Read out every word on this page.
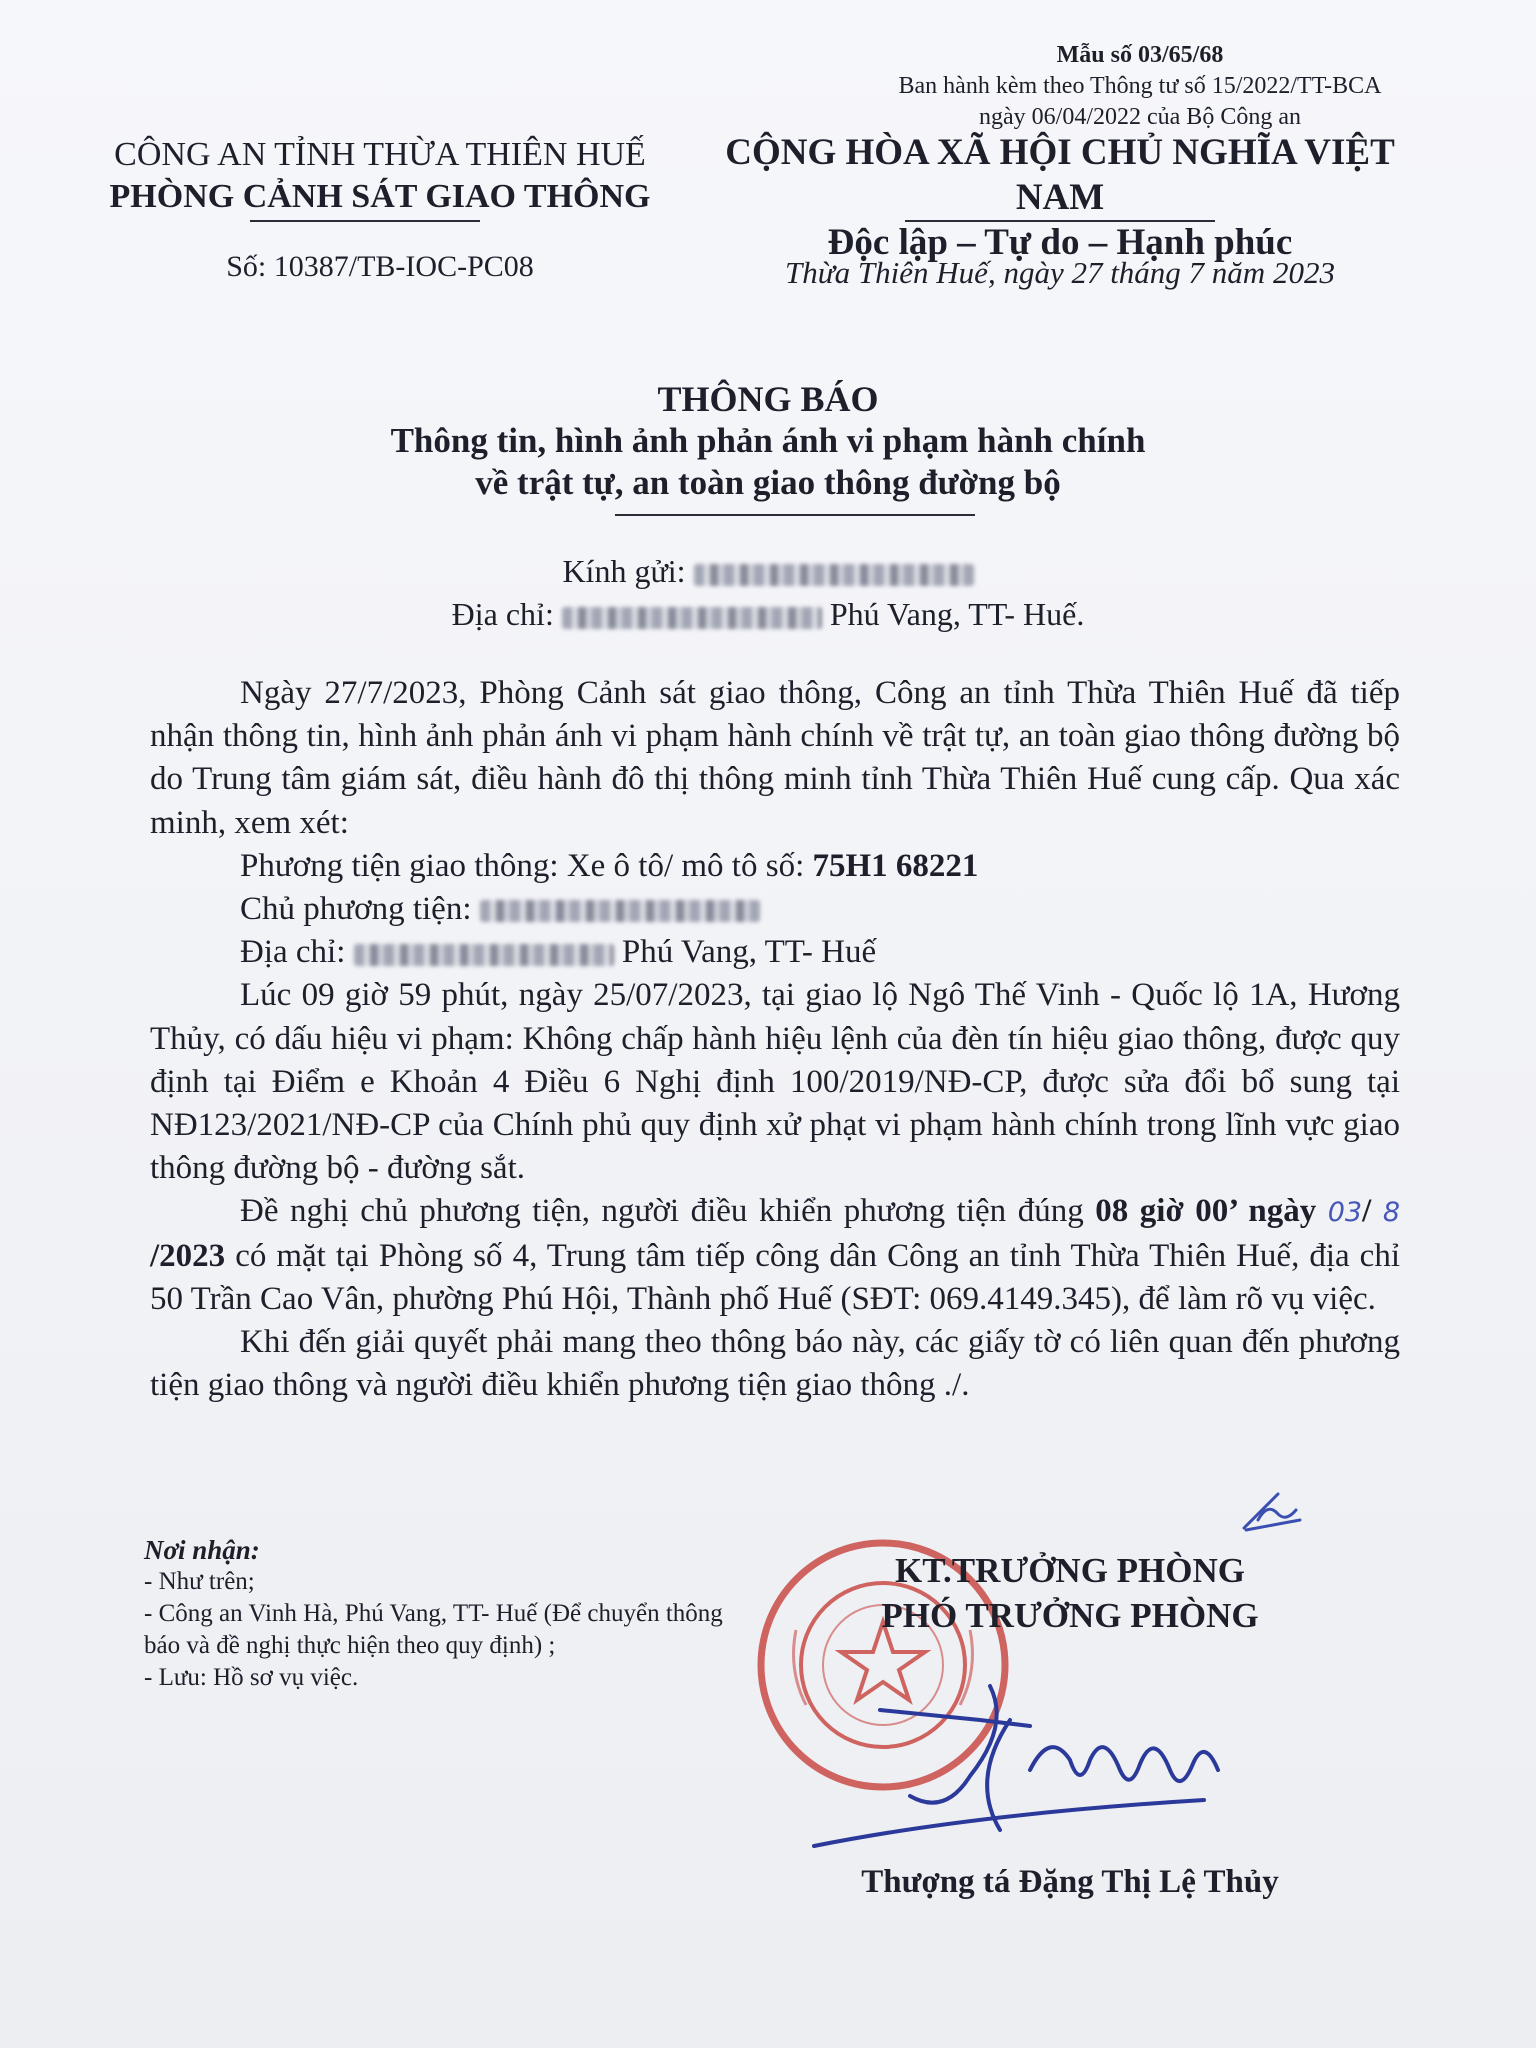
Mẫu số 03/65/68
Ban hành kèm theo Thông tư số 15/2022/TT-BCA
ngày 06/04/2022 của Bộ Công an
CÔNG AN TỈNH THỪA THIÊN HUẾ
PHÒNG CẢNH SÁT GIAO THÔNG
CỘNG HÒA XÃ HỘI CHỦ NGHĨA VIỆT NAM
Độc lập – Tự do – Hạnh phúc
Số: 10387/TB-IOC-PC08	Thừa Thiên Huế, ngày 27 tháng 7 năm 2023
THÔNG BÁO
Thông tin, hình ảnh phản ánh vi phạm hành chính
về trật tự, an toàn giao thông đường bộ
Kính gửi:
Địa chỉ:	Phú Vang, TT- Huế.

Ngày 27/7/2023, Phòng Cảnh sát giao thông, Công an tỉnh Thừa Thiên Huế đã tiếp nhận thông tin, hình ảnh phản ánh vi phạm hành chính về trật tự, an toàn giao thông đường bộ do Trung tâm giám sát, điều hành đô thị thông minh tỉnh Thừa Thiên Huế cung cấp. Qua xác minh, xem xét:

Phương tiện giao thông: Xe ô tô/ mô tô số: 75H1 68221

Chủ phương tiện:

Địa chỉ:	Phú Vang, TT- Huế

Lúc 09 giờ 59 phút, ngày 25/07/2023, tại giao lộ Ngô Thế Vinh - Quốc lộ 1A, Hương Thủy, có dấu hiệu vi phạm: Không chấp hành hiệu lệnh của đèn tín hiệu giao thông, được quy định tại Điểm e Khoản 4 Điều 6 Nghị định 100/2019/NĐ-CP, được sửa đổi bổ sung tại NĐ123/2021/NĐ-CP của Chính phủ quy định xử phạt vi phạm hành chính trong lĩnh vực giao thông đường bộ - đường sắt.

Đề nghị chủ phương tiện, người điều khiển phương tiện đúng 08 giờ 00’ ngày 03/ 8 /2023 có mặt tại Phòng số 4, Trung tâm tiếp công dân Công an tỉnh Thừa Thiên Huế, địa chỉ 50 Trần Cao Vân, phường Phú Hội, Thành phố Huế (SĐT: 069.4149.345), để làm rõ vụ việc.

Khi đến giải quyết phải mang theo thông báo này, các giấy tờ có liên quan đến phương tiện giao thông và người điều khiển phương tiện giao thông ./.

Nơi nhận:
- Như trên;
- Công an Vinh Hà, Phú Vang, TT- Huế (Để chuyển thông báo và đề nghị thực hiện theo quy định) ;
- Lưu: Hồ sơ vụ việc.
KT.TRƯỞNG PHÒNG
PHÓ TRƯỞNG PHÒNG
Thượng tá Đặng Thị Lệ Thủy
